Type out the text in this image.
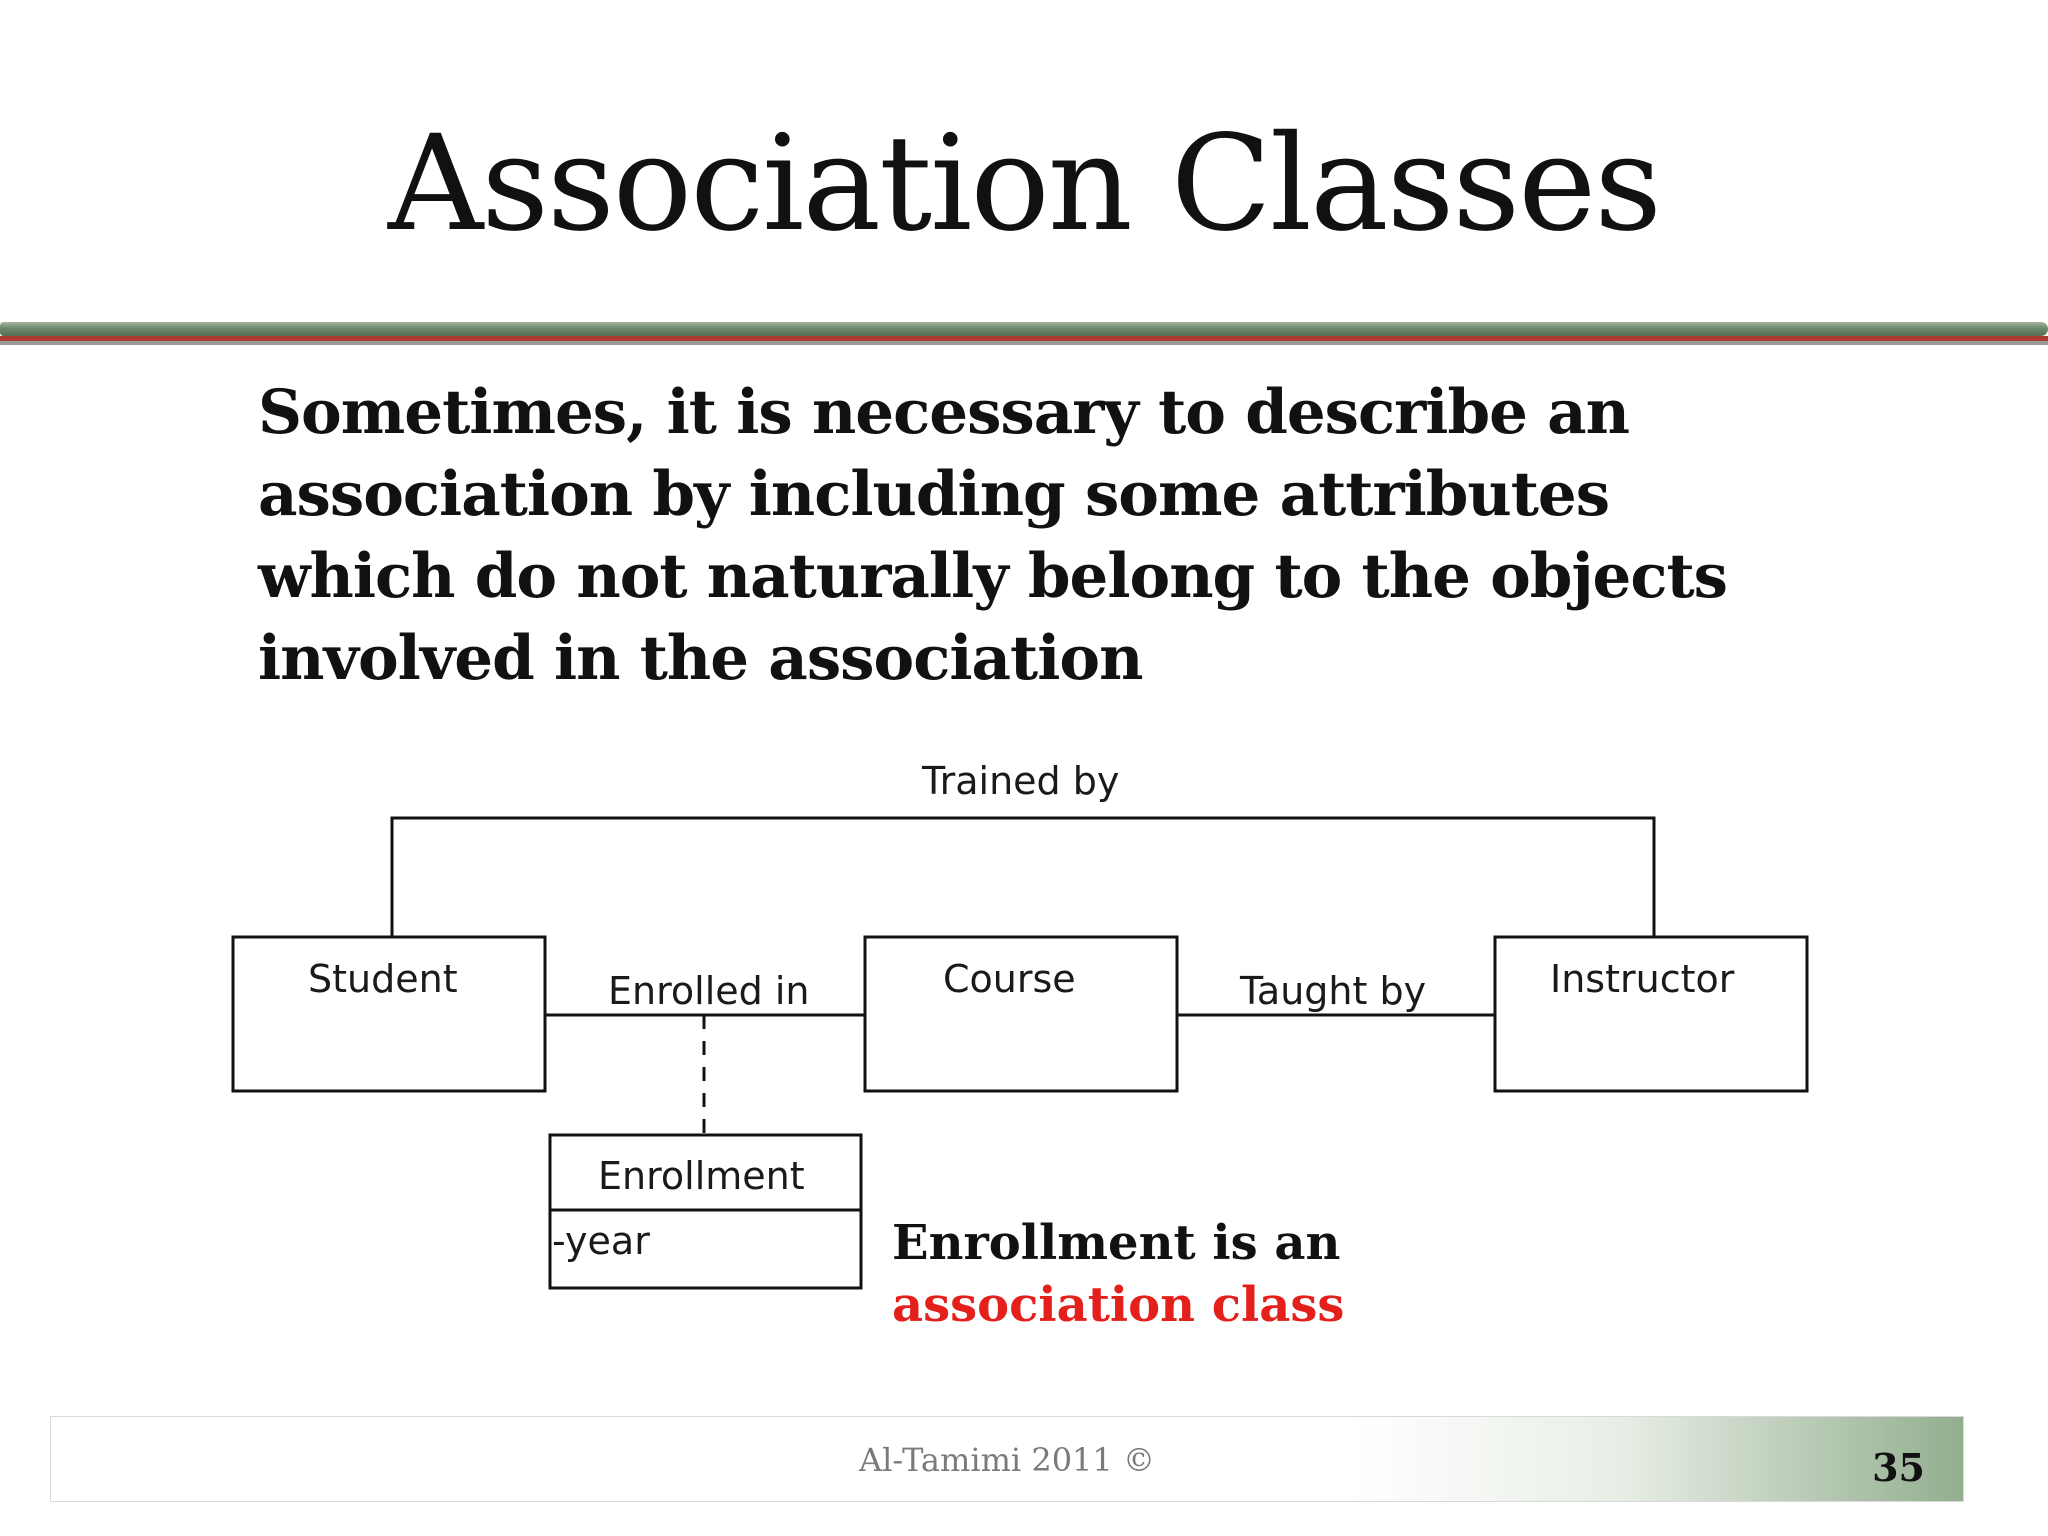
Association Classes
Sometimes, it is necessary to describe an
association by including some attributes
which do not naturally belong to the objects
involved in the association
Trained by
Enrolled in	Taught by
Student	Course	Instructor
Enrollment
-year	Enrollment is an
association class
Al-Tamimi 2011 ©	35
